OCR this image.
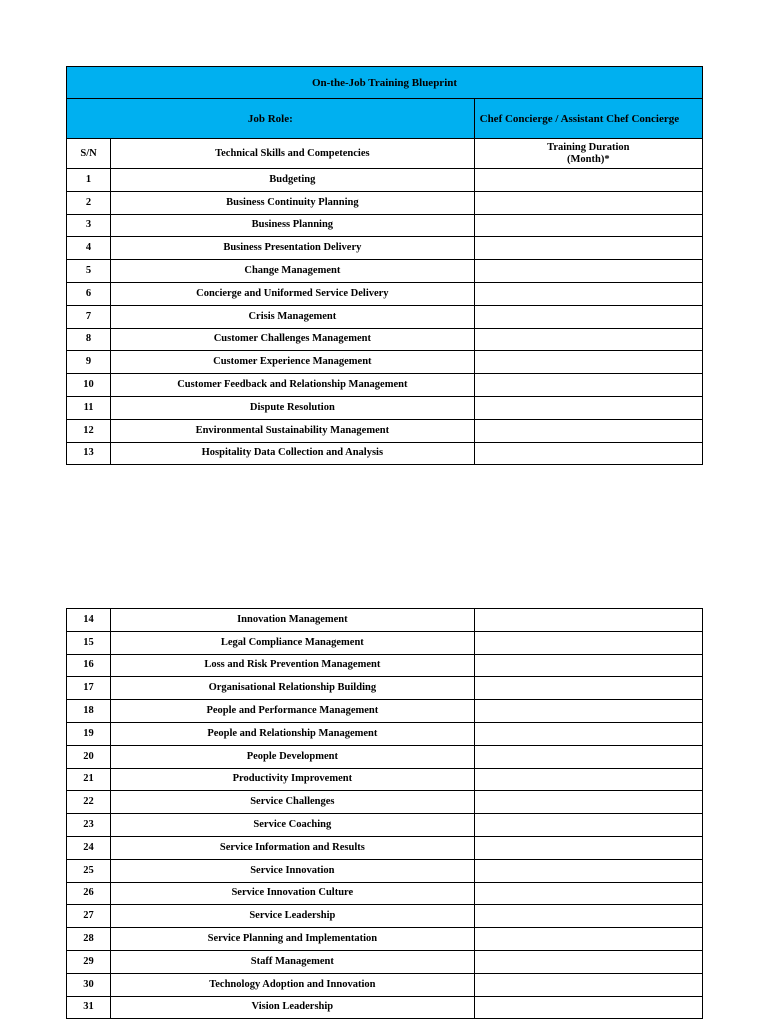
On-the-Job Training Blueprint		
Job Role:		Chef Concierge / Assistant Chef Concierge
S/N	Technical Skills and Competencies	Training Duration
(Month)*

1	Budgeting	
2	Business Continuity Planning	
3	Business Planning	
4	Business Presentation Delivery	
5	Change Management	
6	Concierge and Uniformed Service Delivery	
7	Crisis Management	
8	Customer Challenges Management	
9	Customer Experience Management	
10	Customer Feedback and Relationship Management	
11	Dispute Resolution	
12	Environmental Sustainability Management	
13	Hospitality Data Collection and Analysis	
14	Innovation Management	
15	Legal Compliance Management	
16	Loss and Risk Prevention Management	
17	Organisational Relationship Building	
18	People and Performance Management	
19	People and Relationship Management	
20	People Development	
21	Productivity Improvement	
22	Service Challenges	
23	Service Coaching	
24	Service Information and Results	
25	Service Innovation	
26	Service Innovation Culture	
27	Service Leadership	
28	Service Planning and Implementation	
29	Staff Management	
30	Technology Adoption and Innovation	
31	Vision Leadership	
